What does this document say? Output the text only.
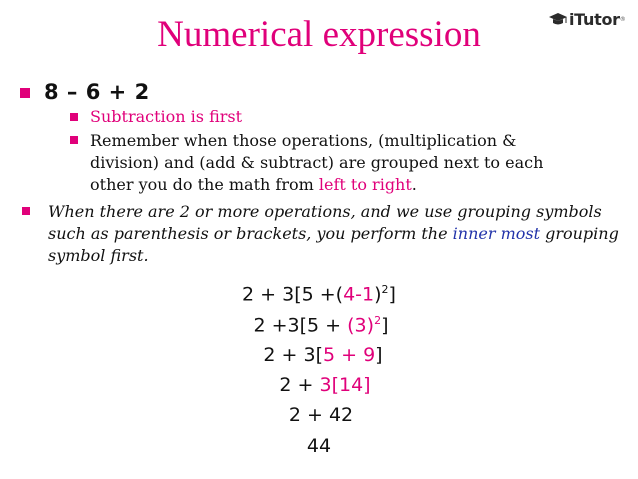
iTutor ®
Numerical expression
8 – 6 + 2
Subtraction is first
Remember when those operations, (multiplication & division) and (add & subtract) are grouped next to each other you do the math from left to right.
When there are 2 or more operations, and we use grouping symbols such as parenthesis or brackets, you perform the inner most grouping symbol first.
$2 + 3[5 +(4-1)^2]$
$2 +3[5 + (3)^2]$
2 + 3[5 + 9]
2 + 3[14]
2 + 42
44
